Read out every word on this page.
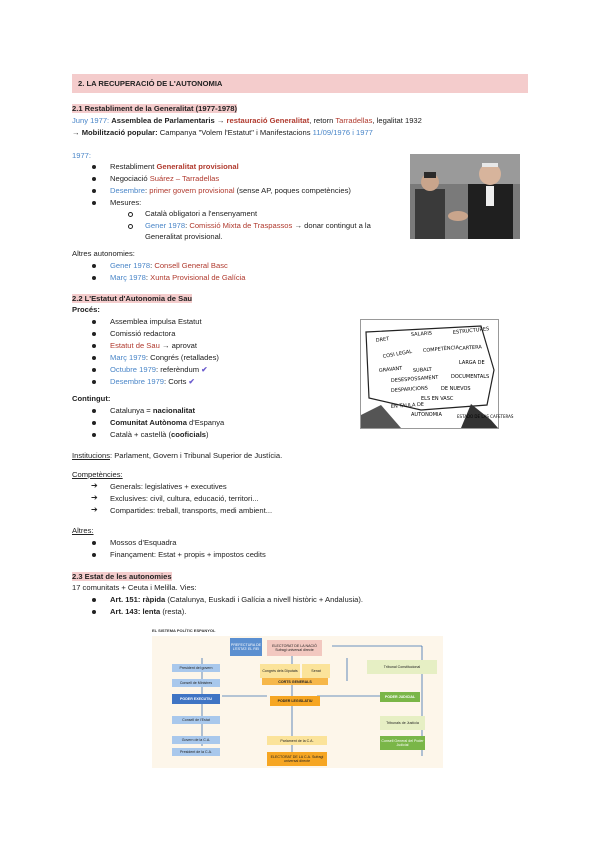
2. LA RECUPERACIÓ DE L'AUTONOMIA
2.1 Restabliment de la Generalitat (1977-1978)
Juny 1977: Assemblea de Parlamentaris → restauració Generalitat, retorn Tarradellas, legalitat 1932
→ Mobilització popular: Campanya "Volem l'Estatut" i Manifestacions 11/09/1976 i 1977
1977:
Restabliment Generalitat provisional
Negociació Suárez – Tarradellas
Desembre: primer govern provisional (sense AP, poques competències)
Mesures:
Català obligatori a l'ensenyament
Gener 1978: Comissió Mixta de Traspassos → donar contingut a la
Generalitat provisional.
Altres autonomies:
Gener 1978: Consell General Basc
Març 1978: Xunta Provisional de Galícia
2.2 L'Estatut d'Autonomia de Sau
Procés:
Assemblea impulsa Estatut
Comissió redactora
Estatut de Sau → aprovat
Març 1979: Congrés (retallades)
Octubre 1979: referèndum ✔
Desembre 1979: Corts ✔
Contingut:
Catalunya = nacionalitat
Comunitat Autònoma d'Espanya
Català + castellà (cooficials)
Institucions: Parlament, Govern i Tribunal Superior de Justícia.
Competències:
➔ Generals: legislatives + executives
➔ Exclusives: civil, cultura, educació, territori...
➔ Compartides: treball, transports, medi ambient...
Altres:
Mossos d'Esquadra
Finançament: Estat + propis + impostos cedits
DRET
SALARIS	ESTRUCTURES
COSI LEGAL COMPETÈNCIA CARTERA
GRAVANT SUBALT
LARGA DE
DESESPOSSAMENT DOCUMENTALS
DESPARICIONS	DE NUEVOS
ELS EN VASC
EN TAULA DE
AUTONOMIA	ESTADO DE LAS CAFETERAS
2.3 Estat de les autonomies
17 comunitats + Ceuta i Melilla. Vies:
Art. 151: ràpida (Catalunya, Euskadi i Galícia a nivell històric + Andalusia).
Art. 143: lenta (resta).
EL SISTEMA POLÍTIC ESPANYOL
PREFECTURA DE L'ESTAT: EL REI
ELECTORAT DE LA NACIÓ Sufragi universal directe
President del govern
Congrés dels Diputats	Senat
Consell de Ministres	CORTS GENERALS
Tribunal Constitucional
PODER EXECUTIU	PODER LEGISLATIU
PODER JUDICIAL
Consell de l'Estat
Govern de la C.A.	Parlament de la C.A.
Tribunals de Justícia
President de la C.A.
ELECTORAT DE LA C.A. Sufragi universal directe
Consell General del Poder Judicial
